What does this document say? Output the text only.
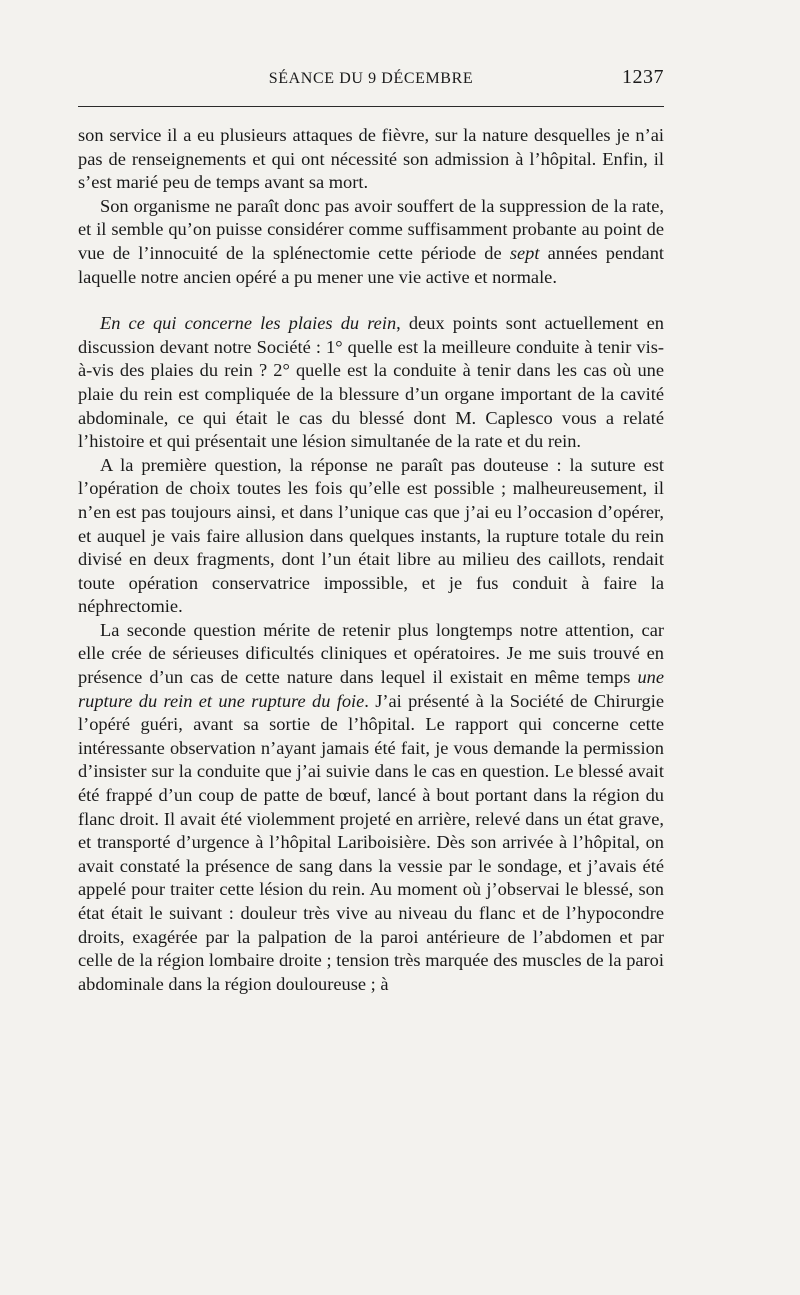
SÉANCE DU 9 DÉCEMBRE	1237

son service il a eu plusieurs attaques de fièvre, sur la nature desquelles je n’ai pas de renseignements et qui ont nécessité son admission à l’hôpital. Enfin, il s’est marié peu de temps avant sa mort.

Son organisme ne paraît donc pas avoir souffert de la suppression de la rate, et il semble qu’on puisse considérer comme suffisamment probante au point de vue de l’innocuité de la splénectomie cette période de sept années pendant laquelle notre ancien opéré a pu mener une vie active et normale.

En ce qui concerne les plaies du rein, deux points sont actuellement en discussion devant notre Société : 1° quelle est la meilleure conduite à tenir vis-à-vis des plaies du rein ? 2° quelle est la conduite à tenir dans les cas où une plaie du rein est compliquée de la blessure d’un organe important de la cavité abdominale, ce qui était le cas du blessé dont M. Caplesco vous a relaté l’histoire et qui présentait une lésion simultanée de la rate et du rein.

A la première question, la réponse ne paraît pas douteuse : la suture est l’opération de choix toutes les fois qu’elle est possible ; malheureusement, il n’en est pas toujours ainsi, et dans l’unique cas que j’ai eu l’occasion d’opérer, et auquel je vais faire allusion dans quelques instants, la rupture totale du rein divisé en deux fragments, dont l’un était libre au milieu des caillots, rendait toute opération conservatrice impossible, et je fus conduit à faire la néphrectomie.

La seconde question mérite de retenir plus longtemps notre attention, car elle crée de sérieuses dificultés cliniques et opératoires. Je me suis trouvé en présence d’un cas de cette nature dans lequel il existait en même temps une rupture du rein et une rupture du foie. J’ai présenté à la Société de Chirurgie l’opéré guéri, avant sa sortie de l’hôpital. Le rapport qui concerne cette intéressante observation n’ayant jamais été fait, je vous demande la permission d’insister sur la conduite que j’ai suivie dans le cas en question. Le blessé avait été frappé d’un coup de patte de bœuf, lancé à bout portant dans la région du flanc droit. Il avait été violemment projeté en arrière, relevé dans un état grave, et transporté d’urgence à l’hôpital Lariboisière. Dès son arrivée à l’hôpital, on avait constaté la présence de sang dans la vessie par le sondage, et j’avais été appelé pour traiter cette lésion du rein. Au moment où j’observai le blessé, son état était le suivant : douleur très vive au niveau du flanc et de l’hypocondre droits, exagérée par la palpation de la paroi antérieure de l’abdomen et par celle de la région lombaire droite ; tension très marquée des muscles de la paroi abdominale dans la région douloureuse ; à
